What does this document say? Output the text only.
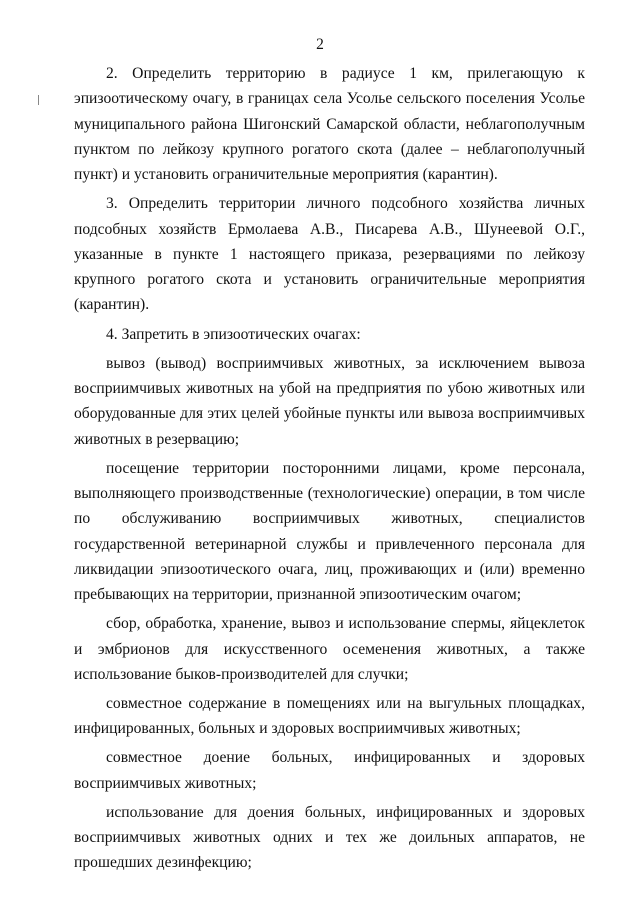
2

2. Определить территорию в радиусе 1 км, прилегающую к эпизоотическому очагу, в границах села Усолье сельского поселения Усолье муниципального района Шигонский Самарской области, неблагополучным пунктом по лейкозу крупного рогатого скота (далее – неблагополучный пункт) и установить ограничительные мероприятия (карантин).

3. Определить территории личного подсобного хозяйства личных подсобных хозяйств Ермолаева А.В., Писарева А.В., Шунеевой О.Г., указанные в пункте 1 настоящего приказа, резервациями по лейкозу крупного рогатого скота и установить ограничительные мероприятия (карантин).

4. Запретить в эпизоотических очагах:

вывоз (вывод) восприимчивых животных, за исключением вывоза восприимчивых животных на убой на предприятия по убою животных или оборудованные для этих целей убойные пункты или вывоза восприимчивых животных в резервацию;

посещение территории посторонними лицами, кроме персонала, выполняющего производственные (технологические) операции, в том числе по обслуживанию восприимчивых животных, специалистов государственной ветеринарной службы и привлеченного персонала для ликвидации эпизоотического очага, лиц, проживающих и (или) временно пребывающих на территории, признанной эпизоотическим очагом;

сбор, обработка, хранение, вывоз и использование спермы, яйцеклеток и эмбрионов для искусственного осеменения животных, а также использование быков-производителей для случки;

совместное содержание в помещениях или на выгульных площадках, инфицированных, больных и здоровых восприимчивых животных;

совместное доение больных, инфицированных и здоровых восприимчивых животных;

использование для доения больных, инфицированных и здоровых восприимчивых животных одних и тех же доильных аппаратов, не прошедших дезинфекцию;
